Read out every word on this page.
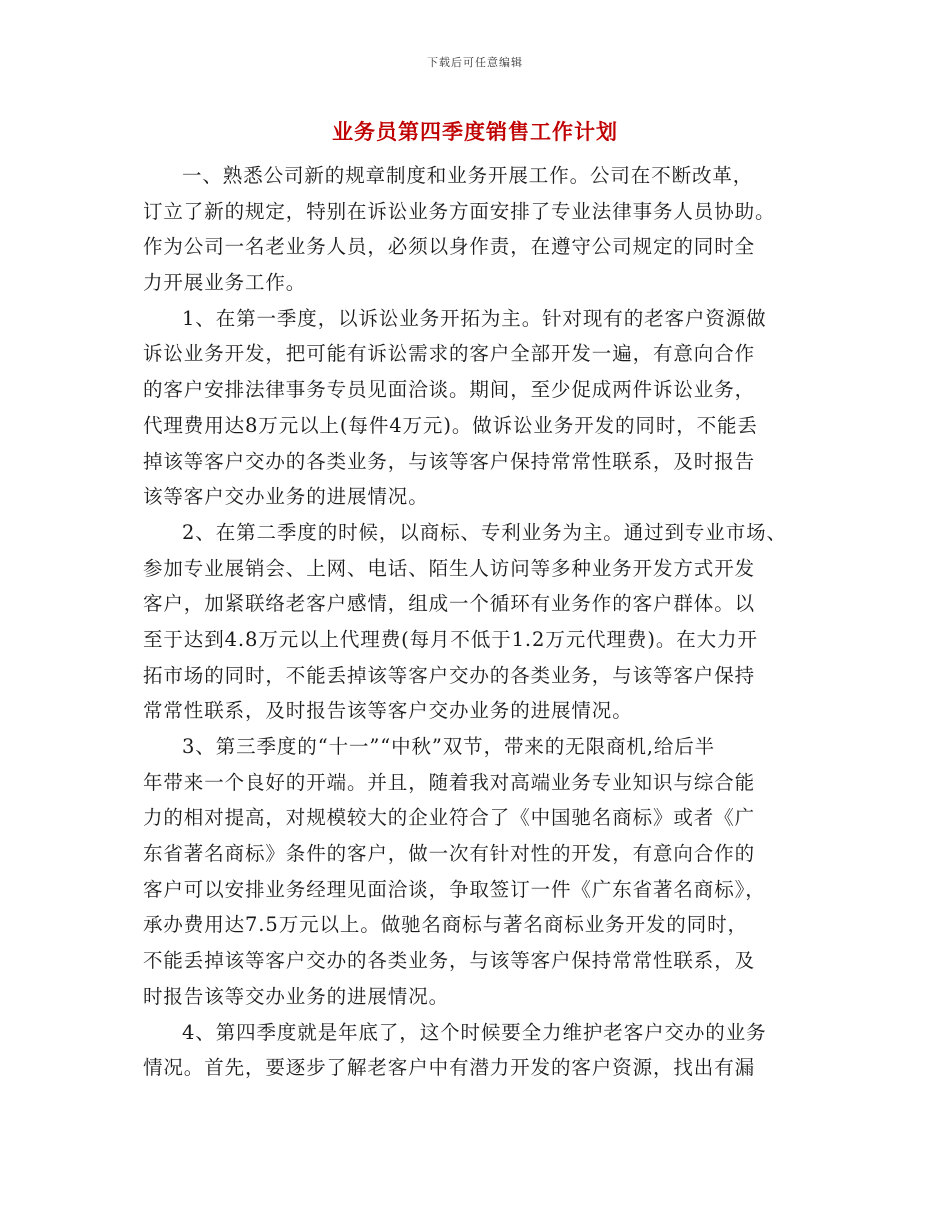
下载后可任意编辑
业务员第四季度销售工作计划
一、熟悉公司新的规章制度和业务开展工作。公司在不断改革，
订立了新的规定，特别在诉讼业务方面安排了专业法律事务人员协助。
作为公司一名老业务人员，必须以身作责，在遵守公司规定的同时全
力开展业务工作。
1、在第一季度，以诉讼业务开拓为主。针对现有的老客户资源做
诉讼业务开发，把可能有诉讼需求的客户全部开发一遍，有意向合作
的客户安排法律事务专员见面洽谈。期间，至少促成两件诉讼业务，
代理费用达8万元以上(每件4万元)。做诉讼业务开发的同时，不能丢
掉该等客户交办的各类业务，与该等客户保持常常性联系，及时报告
该等客户交办业务的进展情况。
2、在第二季度的时候，以商标、专利业务为主。通过到专业市场、
参加专业展销会、上网、电话、陌生人访问等多种业务开发方式开发
客户，加紧联络老客户感情，组成一个循环有业务作的客户群体。以
至于达到4.8万元以上代理费(每月不低于1.2万元代理费)。在大力开
拓市场的同时，不能丢掉该等客户交办的各类业务，与该等客户保持
常常性联系，及时报告该等客户交办业务的进展情况。
3、第三季度的“十一”“中秋”双节，带来的无限商机,给后半
年带来一个良好的开端。并且，随着我对高端业务专业知识与综合能
力的相对提高，对规模较大的企业符合了《中国驰名商标》或者《广
东省著名商标》条件的客户，做一次有针对性的开发，有意向合作的
客户可以安排业务经理见面洽谈，争取签订一件《广东省著名商标》，
承办费用达7.5万元以上。做驰名商标与著名商标业务开发的同时，
不能丢掉该等客户交办的各类业务，与该等客户保持常常性联系，及
时报告该等交办业务的进展情况。
4、第四季度就是年底了，这个时候要全力维护老客户交办的业务
情况。首先，要逐步了解老客户中有潜力开发的客户资源，找出有漏
